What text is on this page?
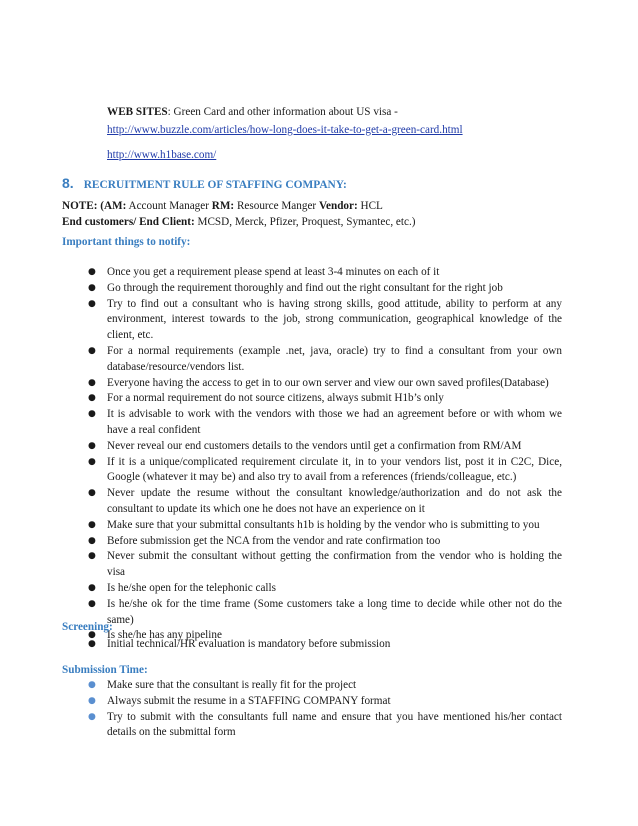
WEB SITES: Green Card and other information about US visa -
http://www.buzzle.com/articles/how-long-does-it-take-to-get-a-green-card.html
http://www.h1base.com/
8. RECRUITMENT RULE OF STAFFING COMPANY:
NOTE: (AM: Account Manager RM: Resource Manger Vendor: HCL
End customers/ End Client: MCSD, Merck, Pfizer, Proquest, Symantec, etc.)
Important things to notify:
● Once you get a requirement please spend at least 3-4 minutes on each of it
● Go through the requirement thoroughly and find out the right consultant for the right job
● Try to find out a consultant who is having strong skills, good attitude, ability to perform at any environment, interest towards to the job, strong communication, geographical knowledge of the client, etc.
● For a normal requirements (example .net, java, oracle) try to find a consultant from your own database/resource/vendors list.
● Everyone having the access to get in to our own server and view our own saved profiles(Database)
● For a normal requirement do not source citizens, always submit H1b’s only
● It is advisable to work with the vendors with those we had an agreement before or with whom we have a real confident
● Never reveal our end customers details to the vendors until get a confirmation from RM/AM
● If it is a unique/complicated requirement circulate it, in to your vendors list, post it in C2C, Dice, Google (whatever it may be) and also try to avail from a references (friends/colleague, etc.)
● Never update the resume without the consultant knowledge/authorization and do not ask the consultant to update its which one he does not have an experience on it
● Make sure that your submittal consultants h1b is holding by the vendor who is submitting to you
● Before submission get the NCA from the vendor and rate confirmation too
● Never submit the consultant without getting the confirmation from the vendor who is holding the visa
● Is he/she open for the telephonic calls
● Is he/she ok for the time frame (Some customers take a long time to decide while other not do the same)
● Is she/he has any pipeline
Screening:
● Initial technical/HR evaluation is mandatory before submission
Submission Time:
● Make sure that the consultant is really fit for the project
● Always submit the resume in a STAFFING COMPANY format
● Try to submit with the consultants full name and ensure that you have mentioned his/her contact details on the submittal form
